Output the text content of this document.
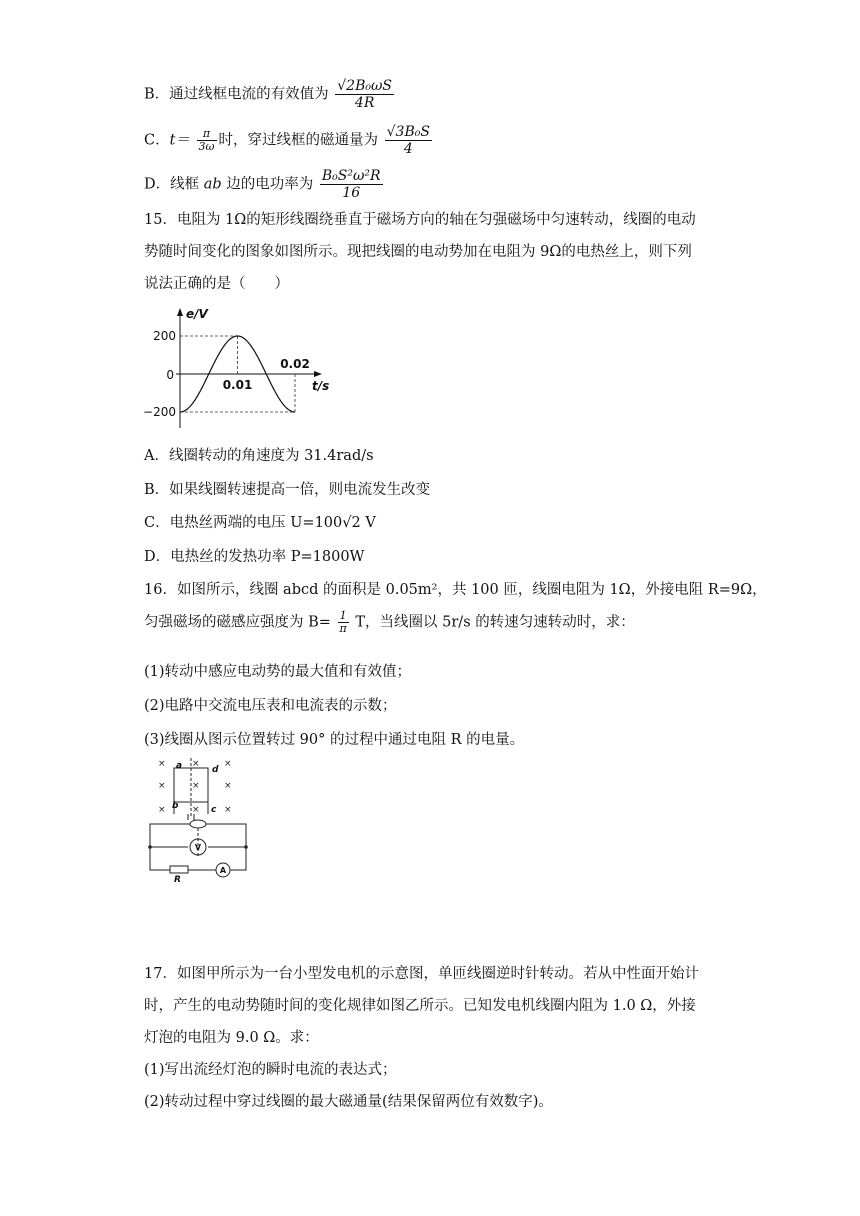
B．通过线框电流的有效值为 $\frac{\text{√2B₀ωS}}{4R}$
C．$t= \frac{\pi}{3\omega}$ 时，穿过线框的磁通量为 $\frac{\text{√3B₀S}}{4}$
D．线框 ab 边的电功率为 $\frac{\text{B₀S²ω²R}}{16}$
15．电阻为 1Ω的矩形线圈绕垂直于磁场方向的轴在匀强磁场中匀速转动，线圈的电动
势随时间变化的图象如图所示。现把线圈的电动势加在电阻为 9Ω的电热丝上，则下列
说法正确的是（　　）
200
0
−200
0.01
0.02
e/V
t/s
A．线圈转动的角速度为 31.4rad/s
B．如果线圈转速提高一倍，则电流发生改变
C．电热丝两端的电压 U=100√2 V
D．电热丝的发热功率 P=1800W
16．如图所示，线圈 abcd 的面积是 0.05m²，共 100 匝，线圈电阻为 1Ω，外接电阻 R=9Ω，
匀强磁场的磁感应强度为 $B= \frac{1}{\pi}$ T，当线圈以 5r/s 的转速匀速转动时，求：
(1)转动中感应电动势的最大值和有效值；
(2)电路中交流电压表和电流表的示数；
(3)线圈从图示位置转过 90° 的过程中通过电阻 R 的电量。
×	×	×
×	×	×
×	×	×
a	d
b	c
R
V
A
17．如图甲所示为一台小型发电机的示意图，单匝线圈逆时针转动。若从中性面开始计
时，产生的电动势随时间的变化规律如图乙所示。已知发电机线圈内阻为 1.0 Ω，外接
灯泡的电阻为 9.0 Ω。求：
(1)写出流经灯泡的瞬时电流的表达式；
(2)转动过程中穿过线圈的最大磁通量(结果保留两位有效数字)。
